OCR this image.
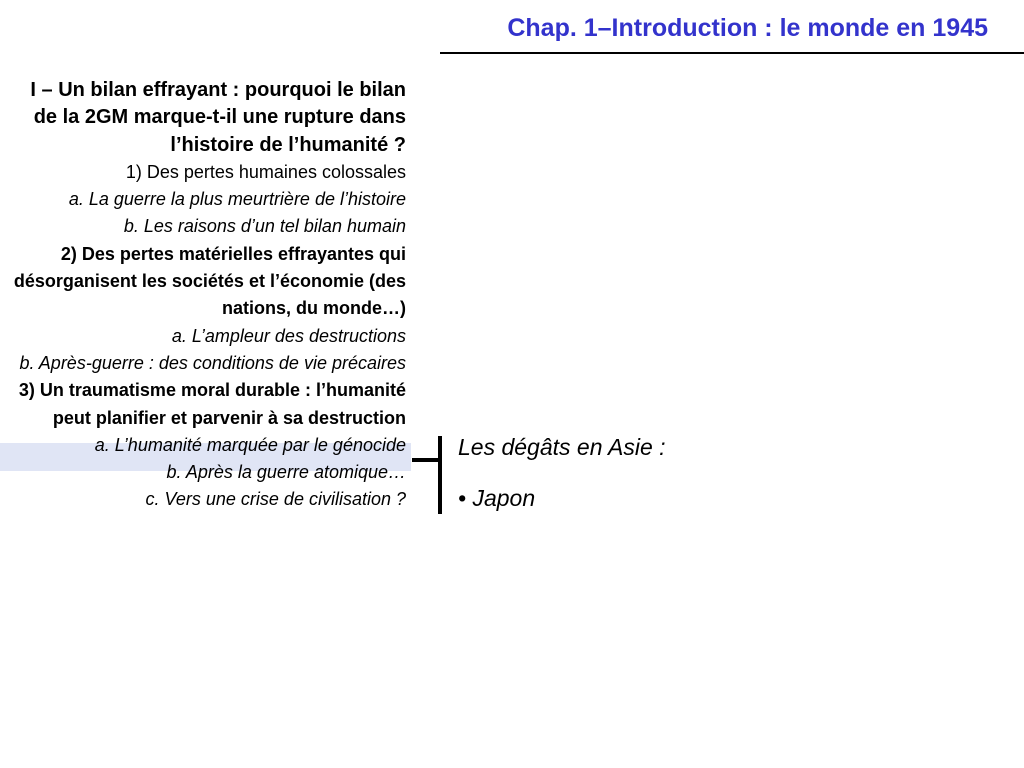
Chap. 1–Introduction : le monde en 1945
I – Un bilan effrayant : pourquoi le bilan de la 2GM marque-t-il une rupture dans l’histoire de l’humanité ?
1) Des pertes humaines colossales
a. La guerre la plus meurtrière de l’histoire
b. Les raisons d’un tel bilan humain
2) Des pertes matérielles effrayantes qui désorganisent les sociétés et l’économie (des nations, du monde…)
a. L’ampleur des destructions
b. Après-guerre : des conditions de vie précaires
3) Un traumatisme moral durable : l’humanité peut planifier et parvenir à sa destruction
a. L’humanité marquée par le génocide
b. Après la guerre atomique…
c. Vers une crise de civilisation ?
Les dégâts en Asie :
• Japon
